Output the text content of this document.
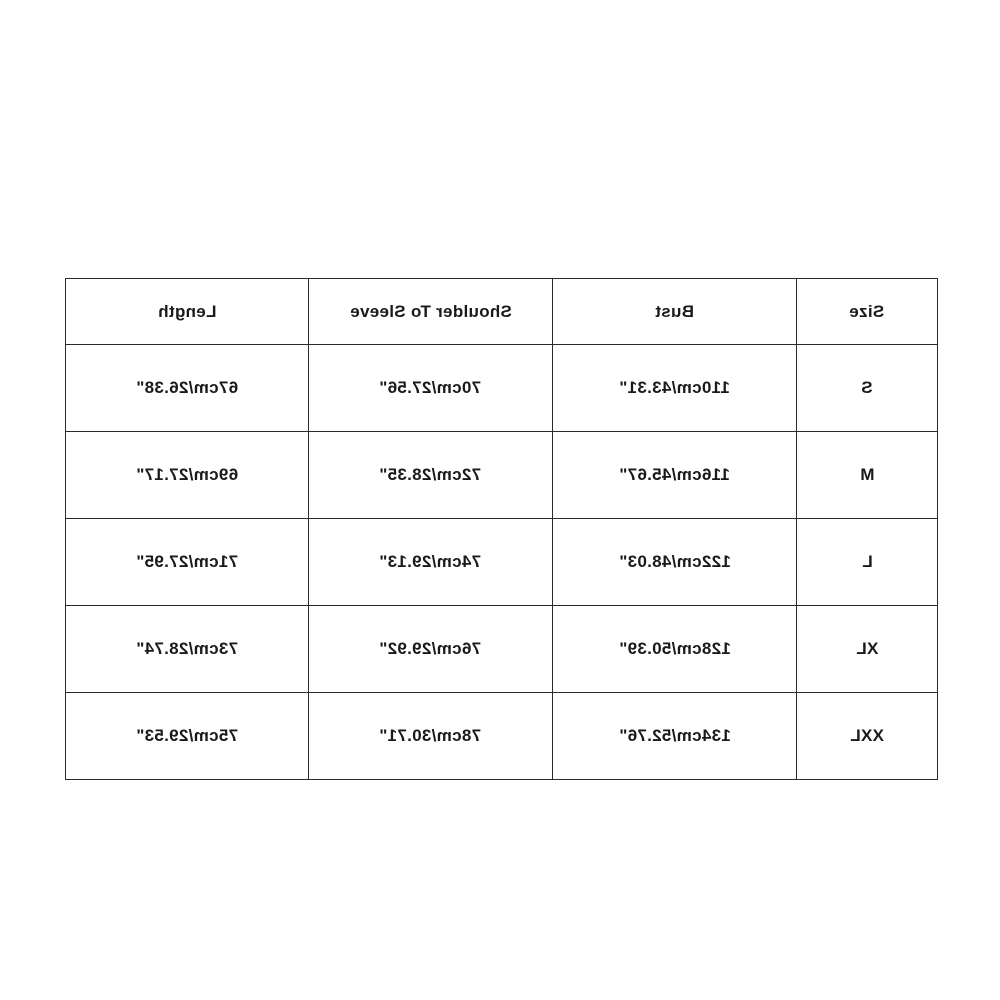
Length	Shoulder To Sleeve	Bust	Size
67cm/26.38"	70cm/27.56"	110cm/43.31"	S
69cm/27.17"	72cm/28.35"	116cm/45.67"	M
71cm/27.95"	74cm/29.13"	122cm/48.03"	L
73cm/28.74"	76cm/29.92"	128cm/50.39"	XL
75cm/29.53"	78cm/30.71"	134cm/52.76"	XXL
